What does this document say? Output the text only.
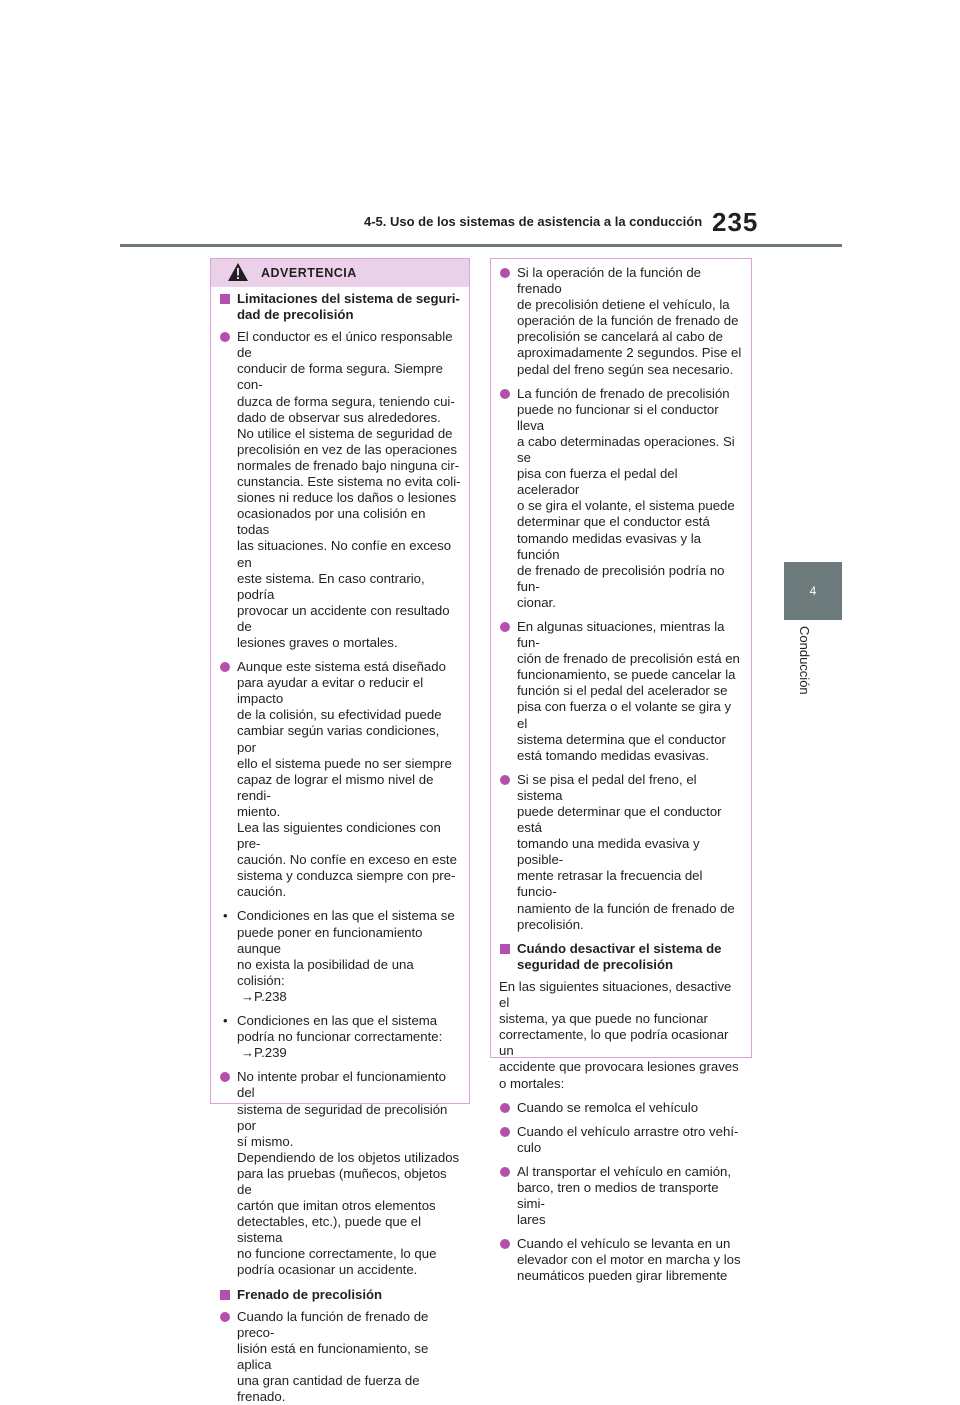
4-5. Uso de los sistemas de asistencia a la conducción 235
4
Conducción
ADVERTENCIA
Limitaciones del sistema de seguri-
dad de precolisión
El conductor es el único responsable de
conducir de forma segura. Siempre con-
duzca de forma segura, teniendo cui-
dado de observar sus alrededores.
No utilice el sistema de seguridad de
precolisión en vez de las operaciones
normales de frenado bajo ninguna cir-
cunstancia. Este sistema no evita coli-
siones ni reduce los daños o lesiones
ocasionados por una colisión en todas
las situaciones. No confíe en exceso en
este sistema. En caso contrario, podría
provocar un accidente con resultado de
lesiones graves o mortales.
Aunque este sistema está diseñado
para ayudar a evitar o reducir el impacto
de la colisión, su efectividad puede
cambiar según varias condiciones, por
ello el sistema puede no ser siempre
capaz de lograr el mismo nivel de rendi-
miento.
Lea las siguientes condiciones con pre-
caución. No confíe en exceso en este
sistema y conduzca siempre con pre-
caución.
• Condiciones en las que el sistema se
puede poner en funcionamiento aunque
no exista la posibilidad de una colisión:
→P.238
• Condiciones en las que el sistema
podría no funcionar correctamente:
→P.239
No intente probar el funcionamiento del
sistema de seguridad de precolisión por
sí mismo.
Dependiendo de los objetos utilizados
para las pruebas (muñecos, objetos de
cartón que imitan otros elementos
detectables, etc.), puede que el sistema
no funcione correctamente, lo que
podría ocasionar un accidente.
Frenado de precolisión
Cuando la función de frenado de preco-
lisión está en funcionamiento, se aplica
una gran cantidad de fuerza de frenado.
Si la operación de la función de frenado
de precolisión detiene el vehículo, la
operación de la función de frenado de
precolisión se cancelará al cabo de
aproximadamente 2 segundos. Pise el
pedal del freno según sea necesario.
La función de frenado de precolisión
puede no funcionar si el conductor lleva
a cabo determinadas operaciones. Si se
pisa con fuerza el pedal del acelerador
o se gira el volante, el sistema puede
determinar que el conductor está
tomando medidas evasivas y la función
de frenado de precolisión podría no fun-
cionar.
En algunas situaciones, mientras la fun-
ción de frenado de precolisión está en
funcionamiento, se puede cancelar la
función si el pedal del acelerador se
pisa con fuerza o el volante se gira y el
sistema determina que el conductor
está tomando medidas evasivas.
Si se pisa el pedal del freno, el sistema
puede determinar que el conductor está
tomando una medida evasiva y posible-
mente retrasar la frecuencia del funcio-
namiento de la función de frenado de
precolisión.
Cuándo desactivar el sistema de
seguridad de precolisión
En las siguientes situaciones, desactive el
sistema, ya que puede no funcionar
correctamente, lo que podría ocasionar un
accidente que provocara lesiones graves
o mortales:
Cuando se remolca el vehículo
Cuando el vehículo arrastre otro vehí-
culo
Al transportar el vehículo en camión,
barco, tren o medios de transporte simi-
lares
Cuando el vehículo se levanta en un
elevador con el motor en marcha y los
neumáticos pueden girar libremente
